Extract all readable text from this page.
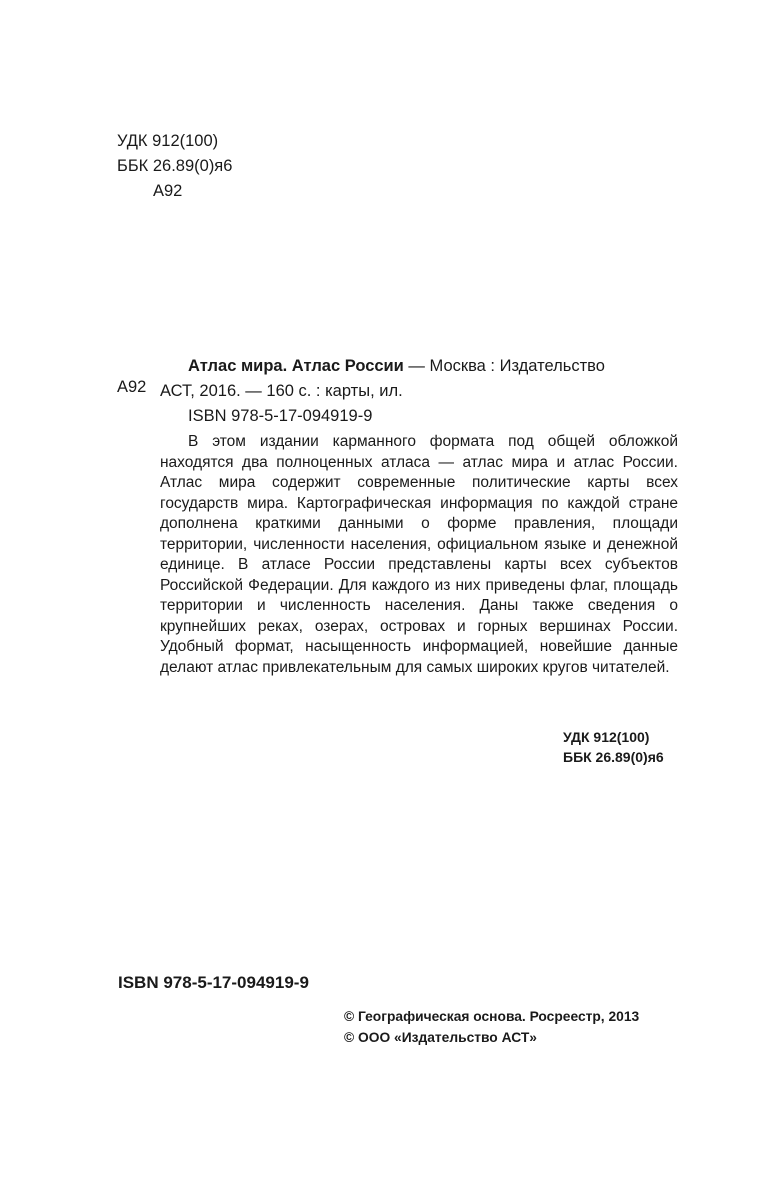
УДК 912(100)
ББК 26.89(0)я6
А92
А92
Атлас мира. Атлас России — Москва : Издательство
АСТ, 2016. — 160 с. : карты, ил.
ISBN 978-5-17-094919-9
В этом издании карманного формата под общей обложкой находятся два полноценных атласа — атлас мира и атлас России. Атлас мира содержит современные политические карты всех государств мира. Картографическая информация по каждой стране дополнена краткими данными о форме правления, площади территории, численности населения, официальном языке и денежной единице. В атласе России представлены карты всех субъектов Российской Федерации. Для каждого из них приведены флаг, площадь территории и численность населения. Даны также сведения о крупнейших реках, озерах, островах и горных вершинах России. Удобный формат, насыщенность информацией, новейшие данные делают атлас привлекательным для самых широких кругов читателей.
УДК 912(100)
ББК 26.89(0)я6
ISBN 978-5-17-094919-9
© Географическая основа. Росреестр, 2013
© ООО «Издательство АСТ»
